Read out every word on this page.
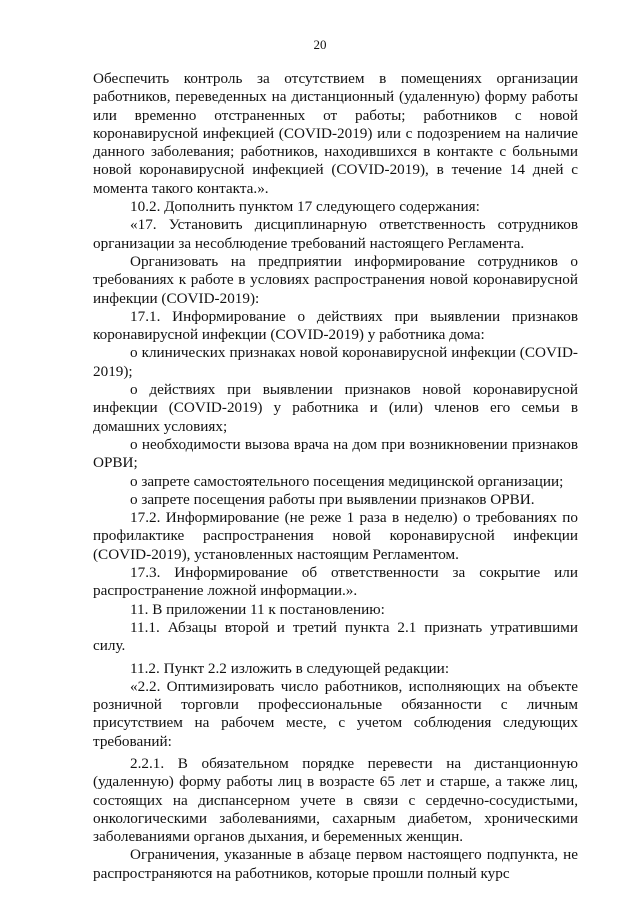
20

Обеспечить контроль за отсутствием в помещениях организации работников, переведенных на дистанционный (удаленную) форму работы или временно отстраненных от работы; работников с новой коронавирусной инфекцией (COVID-2019) или с подозрением на наличие данного заболевания; работников, находившихся в контакте с больными новой коронавирусной инфекцией (COVID-2019), в течение 14 дней с момента такого контакта.».

10.2. Дополнить пунктом 17 следующего содержания:

«17. Установить дисциплинарную ответственность сотрудников организации за несоблюдение требований настоящего Регламента.

Организовать на предприятии информирование сотрудников о требованиях к работе в условиях распространения новой коронавирусной инфекции (COVID-2019):

17.1. Информирование о действиях при выявлении признаков коронавирусной инфекции (COVID-2019) у работника дома:

о клинических признаках новой коронавирусной инфекции (COVID-2019);

о действиях при выявлении признаков новой коронавирусной инфекции (COVID-2019) у работника и (или) членов его семьи в домашних условиях;

о необходимости вызова врача на дом при возникновении признаков ОРВИ;

о запрете самостоятельного посещения медицинской организации;

о запрете посещения работы при выявлении признаков ОРВИ.

17.2. Информирование (не реже 1 раза в неделю) о требованиях по профилактике распространения новой коронавирусной инфекции (COVID-2019), установленных настоящим Регламентом.

17.3. Информирование об ответственности за сокрытие или распространение ложной информации.».

11. В приложении 11 к постановлению:

11.1. Абзацы второй и третий пункта 2.1 признать утратившими силу.

11.2. Пункт 2.2 изложить в следующей редакции:

«2.2. Оптимизировать число работников, исполняющих на объекте розничной торговли профессиональные обязанности с личным присутствием на рабочем месте, с учетом соблюдения следующих требований:

2.2.1. В обязательном порядке перевести на дистанционную (удаленную) форму работы лиц в возрасте 65 лет и старше, а также лиц, состоящих на диспансерном учете в связи с сердечно-сосудистыми, онкологическими заболеваниями, сахарным диабетом, хроническими заболеваниями органов дыхания, и беременных женщин.

Ограничения, указанные в абзаце первом настоящего подпункта, не распространяются на работников, которые прошли полный курс
